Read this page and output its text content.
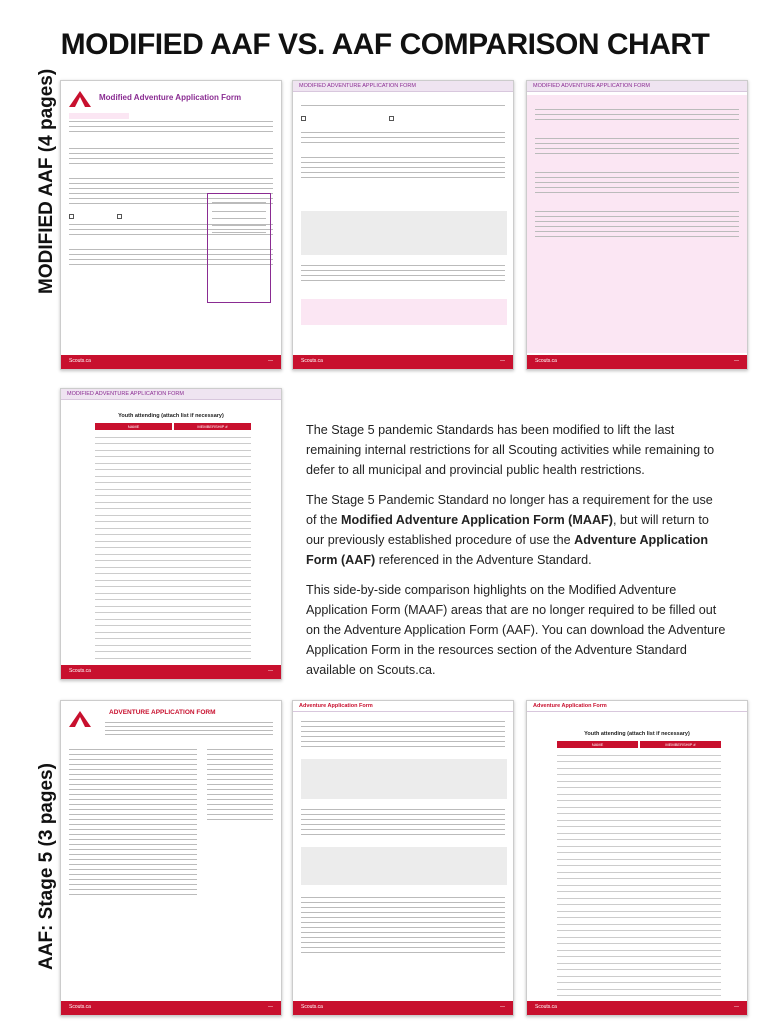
MODIFIED AAF VS. AAF COMPARISON CHART
MODIFIED AAF (4 pages)
AAF: Stage 5 (3 pages)
Modified Adventure Application Form
Scouts.ca	—
MODIFIED ADVENTURE APPLICATION FORM
Scouts.ca	—
MODIFIED ADVENTURE APPLICATION FORM
Scouts.ca	—
MODIFIED ADVENTURE APPLICATION FORM
Youth attending (attach list if necessary)
NAME	MEMBERSHIP #
Scouts.ca	—

The Stage 5 pandemic Standards has been modified to lift the last remaining internal restrictions for all Scouting activities while remaining to defer to all municipal and provincial public health restrictions.

The Stage 5 Pandemic Standard no longer has a requirement for the use of the Modified Adventure Application Form (MAAF), but will return to our previously established procedure of use the Adventure Application Form (AAF) referenced in the Adventure Standard.

This side-by-side comparison highlights on the Modified Adventure Application Form (MAAF) areas that are no longer required to be filled out on the Adventure Application Form (AAF). You can download the Adventure Application Form in the resources section of the Adventure Standard available on Scouts.ca.

ADVENTURE APPLICATION FORM
Scouts.ca	—
Adventure Application Form
Scouts.ca	—
Adventure Application Form
Youth attending (attach list if necessary)
NAME	MEMBERSHIP #
Scouts.ca	—
